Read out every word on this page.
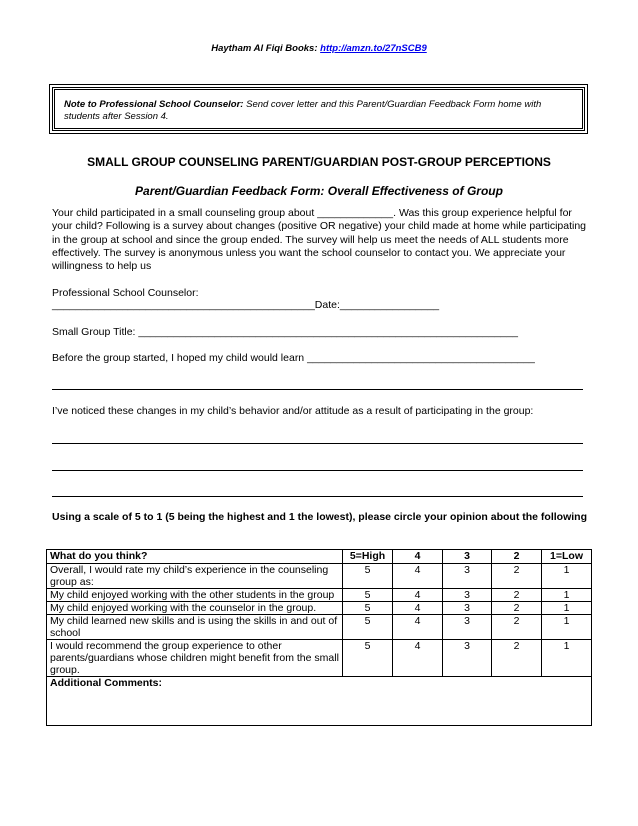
Haytham Al Fiqi Books: http://amzn.to/27nSCB9
Note to Professional School Counselor: Send cover letter and this Parent/Guardian Feedback Form home with students after Session 4.
SMALL GROUP COUNSELING PARENT/GUARDIAN POST-GROUP PERCEPTIONS
Parent/Guardian Feedback Form: Overall Effectiveness of Group
Your child participated in a small counseling group about _____________. Was this group experience helpful for your child? Following is a survey about changes (positive OR negative) your child made at home while participating in the group at school and since the group ended. The survey will help us meet the needs of ALL students more effectively. The survey is anonymous unless you want the school counselor to contact you. We appreciate your willingness to help us
Professional School Counselor:
_____________________________________________Date:_________________
Small Group Title: _________________________________________________________________
Before the group started, I hoped my child would learn _______________________________________
I’ve noticed these changes in my child’s behavior and/or attitude as a result of participating in the group:
Using a scale of 5 to 1 (5 being the highest and 1 the lowest), please circle your opinion about the following
What do you think?	5=High	4	3	2	1=Low
Overall, I would rate my child’s experience in the counseling group as:	5	4	3	2	1
My child enjoyed working with the other students in the group	5	4	3	2	1
My child enjoyed working with the counselor in the group.	5	4	3	2	1
My child learned new skills and is using the skills in and out of school	5	4	3	2	1
I would recommend the group experience to other parents/guardians whose children might benefit from the small group.	5	4	3	2	1
Additional Comments:					
